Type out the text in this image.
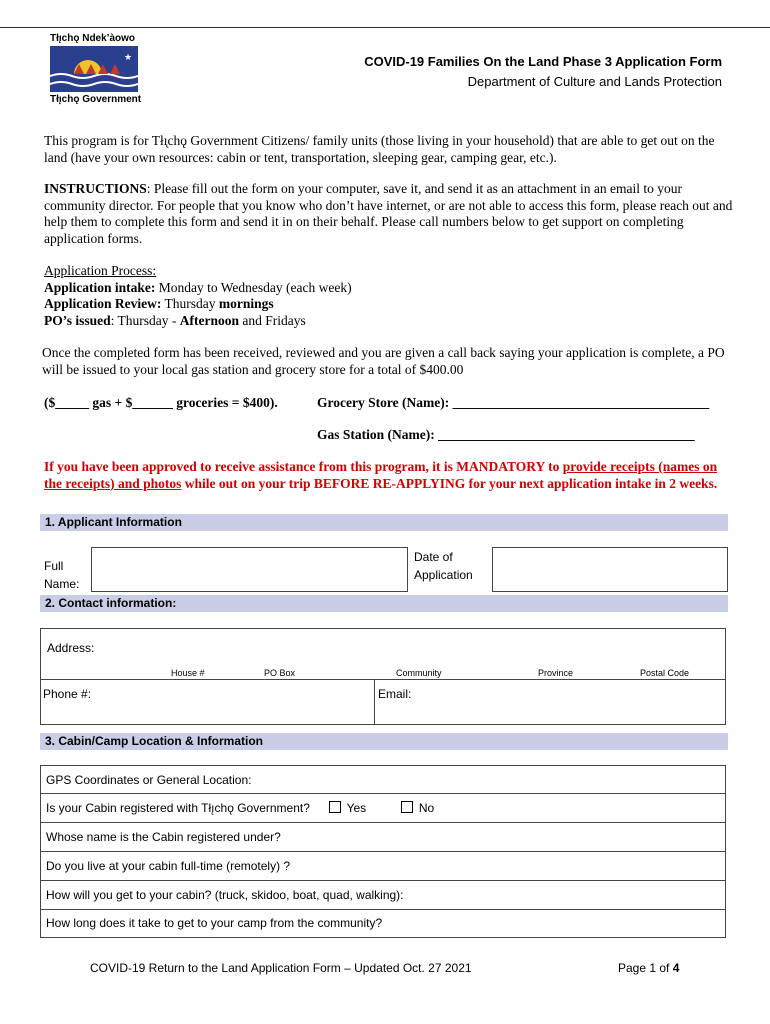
Tłı̨chǫ Ndek’àowo
★
Tłı̨chǫ Government
COVID-19 Families On the Land Phase 3 Application Form
Department of Culture and Lands Protection
This program is for Tłı̨chǫ Government Citizens/ family units (those living in your household) that are able to get out on the land (have your own resources: cabin or tent, transportation, sleeping gear, camping gear, etc.).
INSTRUCTIONS: Please fill out the form on your computer, save it, and send it as an attachment in an email to your community director. For people that you know who don’t have internet, or are not able to access this form, please reach out and help them to complete this form and send it in on their behalf. Please call numbers below to get support on completing application forms.
Application Process:
Application intake: Monday to Wednesday (each week)
Application Review: Thursday mornings
PO’s issued: Thursday - Afternoon and Fridays
Once the completed form has been received, reviewed and you are given a call back saying your application is complete, a PO will be issued to your local gas station and grocery store for a total of $400.00
($_____ gas + $______ groceries = $400).	Grocery Store (Name): ______________________________________
Gas Station (Name): ______________________________________
If you have been approved to receive assistance from this program, it is MANDATORY to provide receipts (names on the receipts) and photos while out on your trip BEFORE RE-APPLYING for your next application intake in 2 weeks.
1. Applicant Information
Full
Name:
Date of
Application
2. Contact information:
Address:
House #	PO Box	Community	Province	Postal Code
Phone #:	Email:
3. Cabin/Camp Location & Information
GPS Coordinates or General Location:
Is your Cabin registered with Tłı̨chǫ Government?	Yes	No
Whose name is the Cabin registered under?
Do you live at your cabin full-time (remotely) ?
How will you get to your cabin? (truck, skidoo, boat, quad, walking):
How long does it take to get to your camp from the community?
COVID-19 Return to the Land Application Form – Updated Oct. 27 2021	Page 1 of 4
